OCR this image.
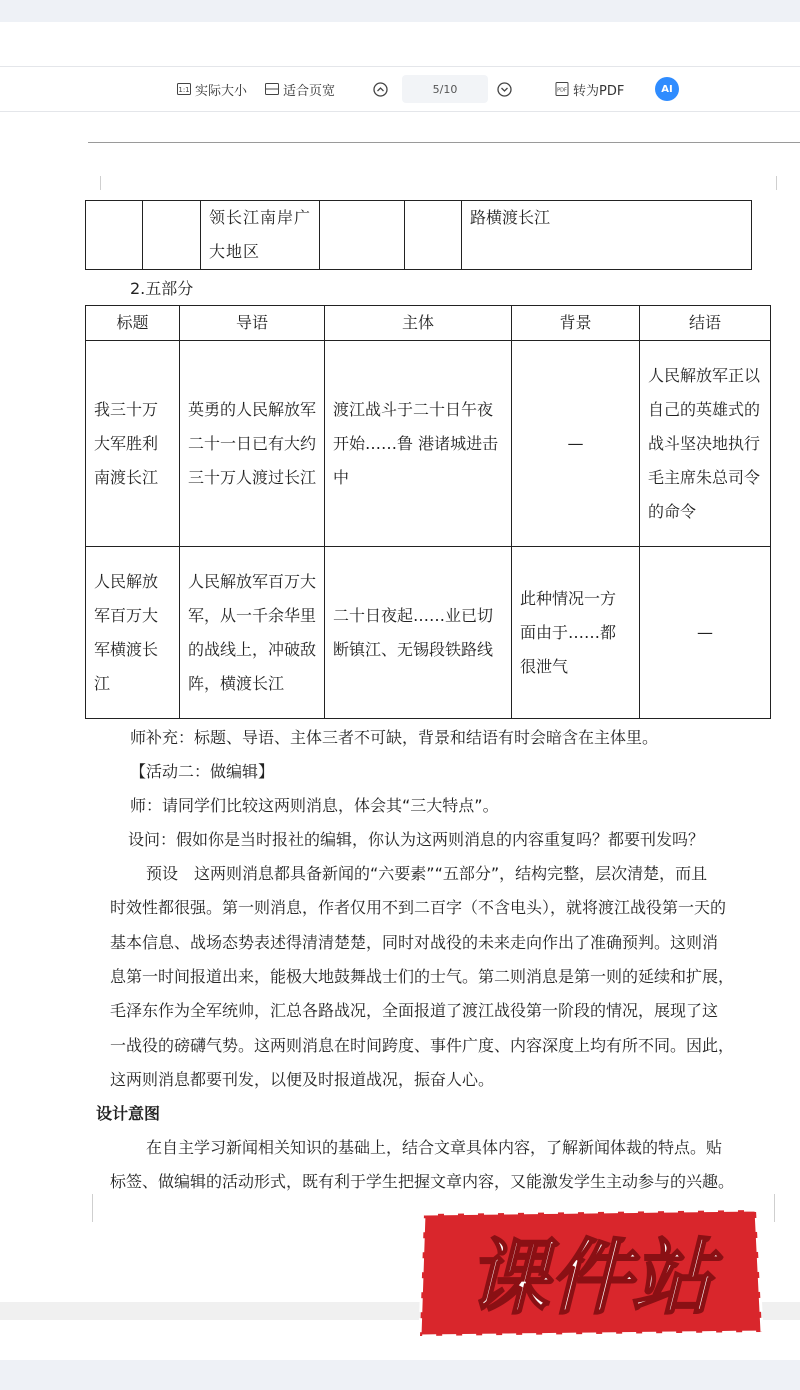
1:1 实际大小	适合页宽	5/10	PDF 转为PDF	AI
		领长江南岸广大地区			路横渡长江
2.五部分
标题	导语	主体	背景	结语
我三十万大军胜利南渡长江	英勇的人民解放军二十一日已有大约三十万人渡过长江	渡江战斗于二十日午夜开始……鲁 港诸城进击中	—	人民解放军正以自己的英雄式的战斗坚决地执行毛主席朱总司令的命令
人民解放军百万大军横渡长江	人民解放军百万大军，从一千余华里的战线上，冲破敌阵，横渡长江	二十日夜起……业已切断镇江、无锡段铁路线	此种情况一方面由于……都很泄气	—
师补充：标题、导语、主体三者不可缺，背景和结语有时会暗含在主体里。
【活动二：做编辑】
师：请同学们比较这两则消息，体会其“三大特点”。
设问：假如你是当时报社的编辑，你认为这两则消息的内容重复吗？都要刊发吗？
预设　这两则消息都具备新闻的“六要素”“五部分”，结构完整，层次清楚，而且
时效性都很强。第一则消息，作者仅用不到二百字（不含电头），就将渡江战役第一天的
基本信息、战场态势表述得清清楚楚，同时对战役的未来走向作出了准确预判。这则消
息第一时间报道出来，能极大地鼓舞战士们的士气。第二则消息是第一则的延续和扩展，
毛泽东作为全军统帅，汇总各路战况，全面报道了渡江战役第一阶段的情况，展现了这
一战役的磅礴气势。这两则消息在时间跨度、事件广度、内容深度上均有所不同。因此，
这两则消息都要刊发，以便及时报道战况，振奋人心。
设计意图
在自主学习新闻相关知识的基础上，结合文章具体内容，了解新闻体裁的特点。贴
标签、做编辑的活动形式，既有利于学生把握文章内容，又能激发学生主动参与的兴趣。
课件站
